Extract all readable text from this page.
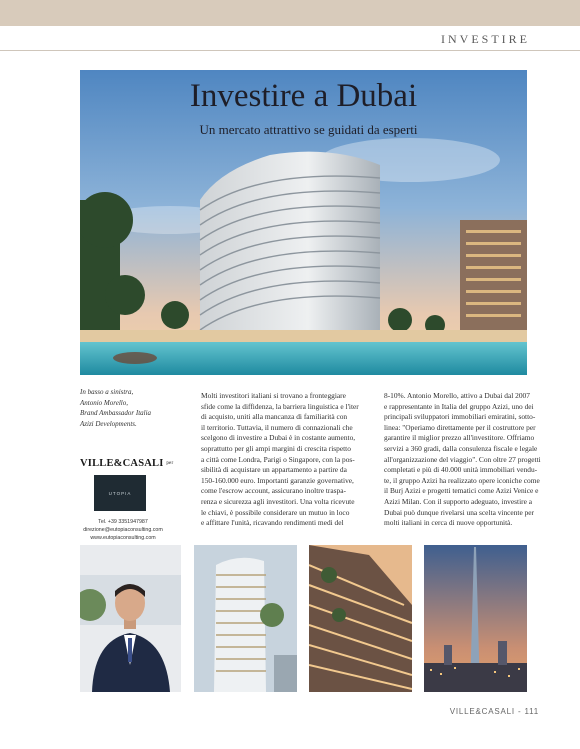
INVESTIRE
Investire a Dubai
Un mercato attrattivo se guidati da esperti
In basso a sinistra,
Antonio Morello,
Brand Ambassador Italia
Azizi Developments.
VILLE&CASALI per
UTOPIA
Tel. +39 3351947987
direzione@eutopiaconsulting.com
www.eutopiaconsulting.com
Molti investitori italiani si trovano a fronteggiare
sfide come la diffidenza, la barriera linguistica e l'iter
di acquisto, uniti alla mancanza di familiarità con
il territorio. Tuttavia, il numero di connazionali che
scelgono di investire a Dubai è in costante aumento,
soprattutto per gli ampi margini di crescita rispetto
a città come Londra, Parigi o Singapore, con la pos-
sibilità di acquistare un appartamento a partire da
150-160.000 euro. Importanti garanzie governative,
come l'escrow account, assicurano inoltre traspa-
renza e sicurezza agli investitori. Una volta ricevute
le chiavi, è possibile considerare un mutuo in loco
e affittare l'unità, ricavando rendimenti medi del
8-10%. Antonio Morello, attivo a Dubai dal 2007
e rappresentante in Italia del gruppo Azizi, uno dei
principali sviluppatori immobiliari emiratini, sotto-
linea: "Operiamo direttamente per il costruttore per
garantire il miglior prezzo all'investitore. Offriamo
servizi a 360 gradi, dalla consulenza fiscale e legale
all'organizzazione del viaggio". Con oltre 27 progetti
completati e più di 40.000 unità immobiliari vendu-
te, il gruppo Azizi ha realizzato opere iconiche come
il Burj Azizi e progetti tematici come Azizi Venice e
Azizi Milan. Con il supporto adeguato, investire a
Dubai può dunque rivelarsi una scelta vincente per
molti italiani in cerca di nuove opportunità.
VILLE&CASALI - 111
